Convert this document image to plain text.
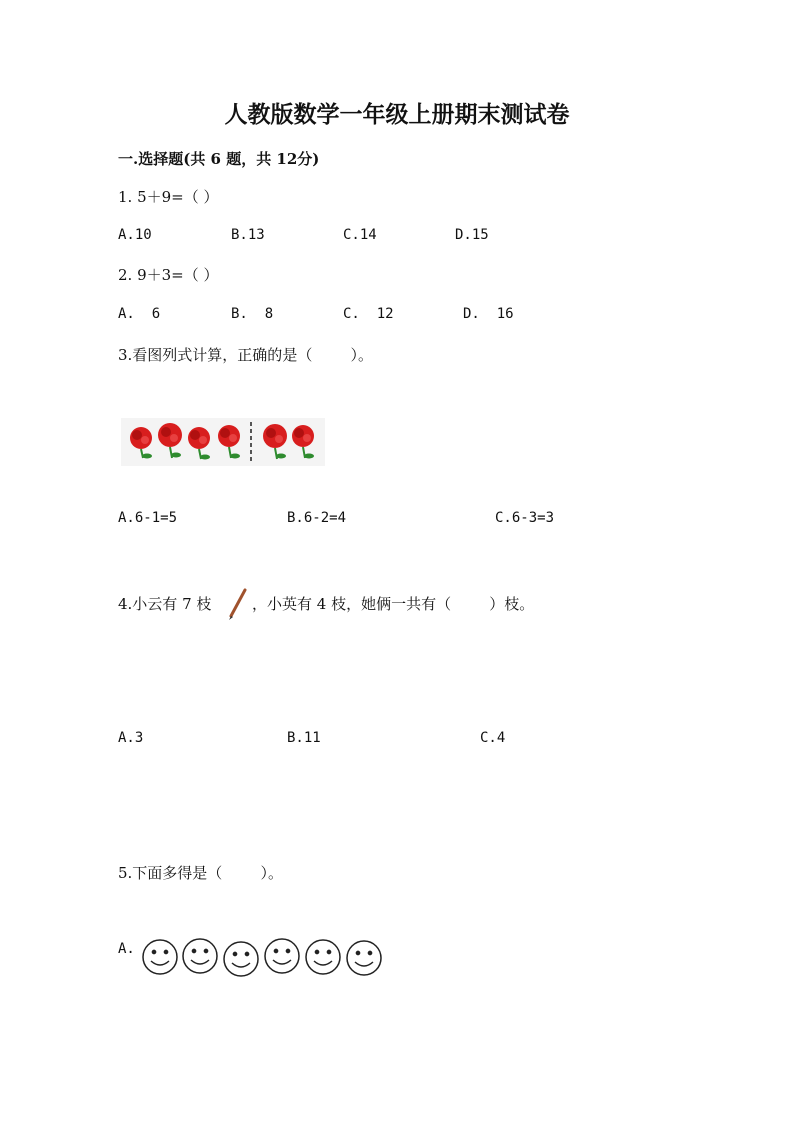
人教版数学一年级上册期末测试卷
一.选择题(共 6 题，共 12分)
1. 5＋9=（ ）
A.10	B.13	C.14	D.15
2. 9＋3=（ ）
A.  6	B.  8	C.  12	D.  16
3.看图列式计算，正确的是（        ）。
A.6-1=5	B.6-2=4	C.6-3=3
4.小云有 7 枝	，小英有 4 枝，她俩一共有（        ）枝。
A.3	B.11	C.4
5.下面多得是（        ）。
A.
